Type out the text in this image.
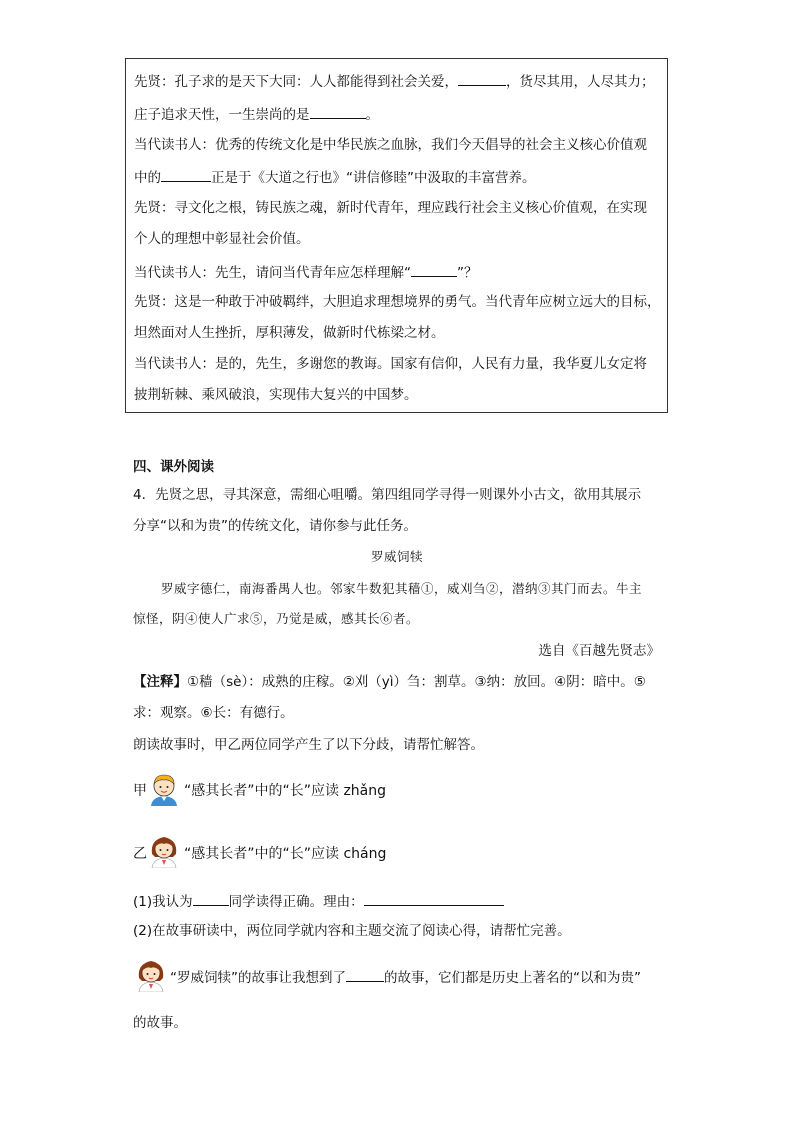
先贤：孔子求的是天下大同：人人都能得到社会关爱，	，货尽其用，人尽其力；
庄子追求天性，一生崇尚的是	。
当代读书人：优秀的传统文化是中华民族之血脉，我们今天倡导的社会主义核心价值观
中的	正是于《大道之行也》“讲信修睦”中汲取的丰富营养。
先贤：寻文化之根，铸民族之魂，新时代青年，理应践行社会主义核心价值观，在实现
个人的理想中彰显社会价值。
当代读书人：先生，请问当代青年应怎样理解“	”？
先贤：这是一种敢于冲破羁绊，大胆追求理想境界的勇气。当代青年应树立远大的目标，
坦然面对人生挫折，厚积薄发，做新时代栋梁之材。
当代读书人：是的，先生，多谢您的教诲。国家有信仰，人民有力量，我华夏儿女定将
披荆斩棘、乘风破浪，实现伟大复兴的中国梦。
四、课外阅读
4．先贤之思，寻其深意，需细心咀嚼。第四组同学寻得一则课外小古文，欲用其展示
分享“以和为贵”的传统文化，请你参与此任务。
罗威饲犊
罗威字德仁，南海番禺人也。邻家牛数犯其穑①，威刈刍②，潜纳③其门而去。牛主
惊怪，阴④使人广求⑤，乃觉是威，感其长⑥者。
选自《百越先贤志》
【注释】①穑（sè）：成熟的庄稼。②刈（yì）刍：割草。③纳：放回。④阴：暗中。⑤
求：观察。⑥长：有德行。
朗读故事时，甲乙两位同学产生了以下分歧，请帮忙解答。
甲	“感其长者”中的“长”应读 zhǎng
乙	“感其长者”中的“长”应读 cháng
(1)我认为	同学读得正确。理由：
(2)在故事研读中，两位同学就内容和主题交流了阅读心得，请帮忙完善。
“罗威饲犊”的故事让我想到了	的故事，它们都是历史上著名的“以和为贵”
的故事。
